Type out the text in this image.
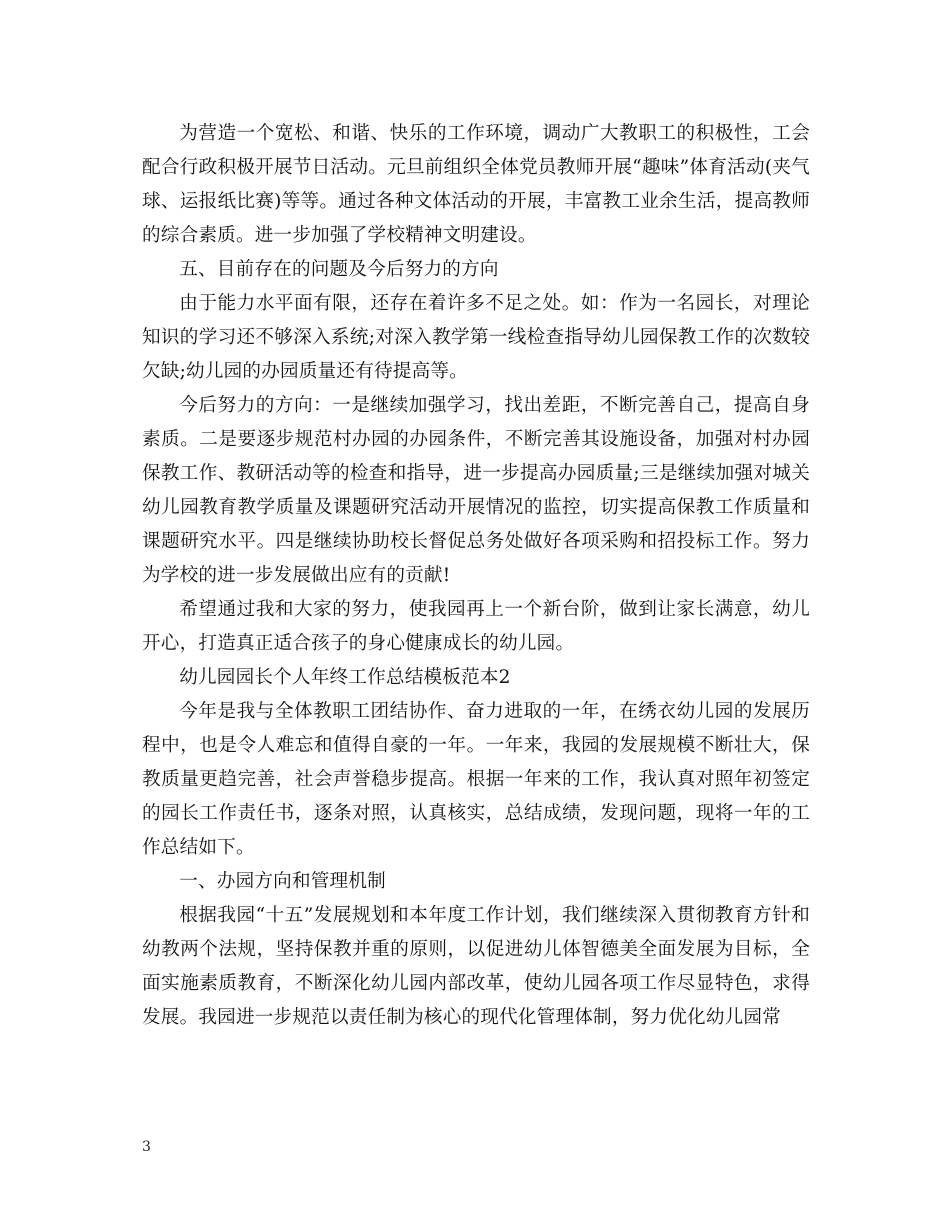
为营造一个宽松、和谐、快乐的工作环境，调动广大教职工的积极性，工会配合行政积极开展节日活动。元旦前组织全体党员教师开展“趣味”体育活动(夹气球、运报纸比赛)等等。通过各种文体活动的开展，丰富教工业余生活，提高教师的综合素质。进一步加强了学校精神文明建设。

五、目前存在的问题及今后努力的方向

由于能力水平面有限，还存在着许多不足之处。如：作为一名园长，对理论知识的学习还不够深入系统;对深入教学第一线检查指导幼儿园保教工作的次数较欠缺;幼儿园的办园质量还有待提高等。

今后努力的方向：一是继续加强学习，找出差距，不断完善自己，提高自身素质。二是要逐步规范村办园的办园条件，不断完善其设施设备，加强对村办园保教工作、教研活动等的检查和指导，进一步提高办园质量;三是继续加强对城关幼儿园教育教学质量及课题研究活动开展情况的监控，切实提高保教工作质量和课题研究水平。四是继续协助校长督促总务处做好各项采购和招投标工作。努力为学校的进一步发展做出应有的贡献!

希望通过我和大家的努力，使我园再上一个新台阶，做到让家长满意，幼儿开心，打造真正适合孩子的身心健康成长的幼儿园。

幼儿园园长个人年终工作总结模板范本2

今年是我与全体教职工团结协作、奋力进取的一年，在绣衣幼儿园的发展历程中，也是令人难忘和值得自豪的一年。一年来，我园的发展规模不断壮大，保教质量更趋完善，社会声誉稳步提高。根据一年来的工作，我认真对照年初签定的园长工作责任书，逐条对照，认真核实，总结成绩，发现问题，现将一年的工作总结如下。

一、办园方向和管理机制

根据我园“十五”发展规划和本年度工作计划，我们继续深入贯彻教育方针和幼教两个法规，坚持保教并重的原则，以促进幼儿体智德美全面发展为目标，全面实施素质教育，不断深化幼儿园内部改革，使幼儿园各项工作尽显特色，求得发展。我园进一步规范以责任制为核心的现代化管理体制，努力优化幼儿园常

3
